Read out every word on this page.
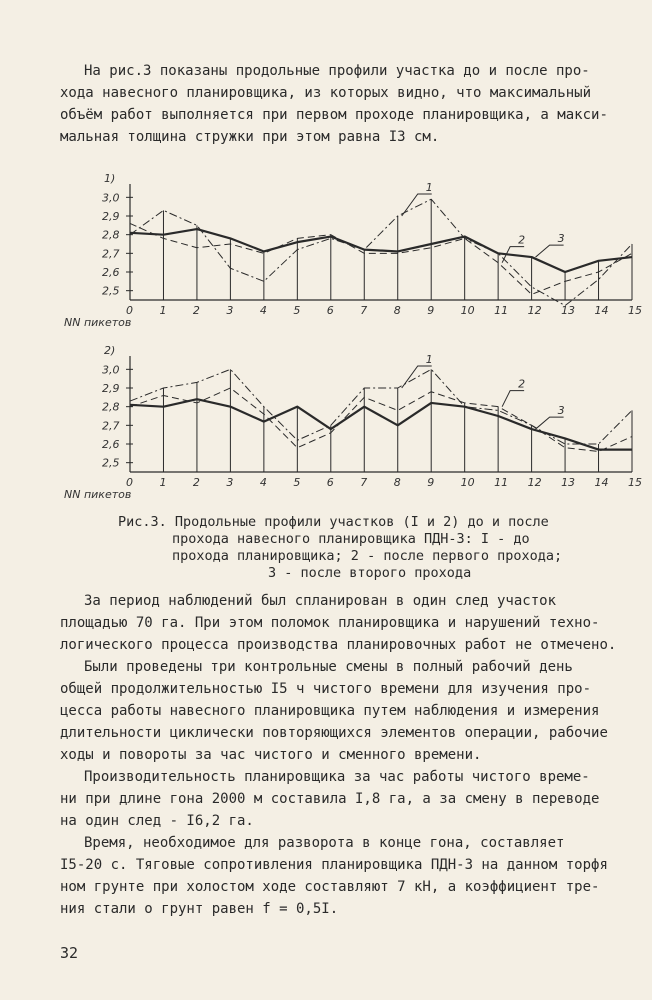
На рис.3 показаны продольные профили участка до и после про-
хода навесного планировщика, из которых видно, что максимальный
объём работ выполняется при первом проходе планировщика, а макси-
мальная толщина стружки при этом равна I3 см.
1)
2,5
2,6
2,7
2,8
2,9
3,0
0 1 2 3 4 5 6 7 8 9 10 11 12 13 14 15
NN пикетов
1
2	3
2)
2,5
2,6
2,7
2,8
2,9
3,0
0 1 2 3 4 5 6 7 8 9 10 11 12 13 14 15
NN пикетов
1
2
3
Рис.3. Продольные профили участков (I и 2) до и после
прохода навесного планировщика ПДН-3: I - до
прохода планировщика; 2 - после первого прохода;
3 - после второго прохода
За период наблюдений был спланирован в один след участок
площадью 70 га. При этом поломок планировщика и нарушений техно-
логического процесса производства планировочных работ не отмечено.
Были проведены три контрольные смены в полный рабочий день
общей продолжительностью I5 ч чистого времени для изучения про-
цесса работы навесного планировщика путем наблюдения и измерения
длительности циклически повторяющихся элементов операции, рабочие
ходы и повороты за час чистого и сменного времени.
Производительность планировщика за час работы чистого време-
ни при длине гона 2000 м составила I,8 га, а за смену в переводе
на один след - I6,2 га.
Время, необходимое для разворота в конце гона, составляет
I5-20 с. Тяговые сопротивления планировщика ПДН-3 на данном торфя
ном грунте при холостом ходе составляют 7 кН, а коэффициент тре-
ния стали о грунт равен f = 0,5I.
32
